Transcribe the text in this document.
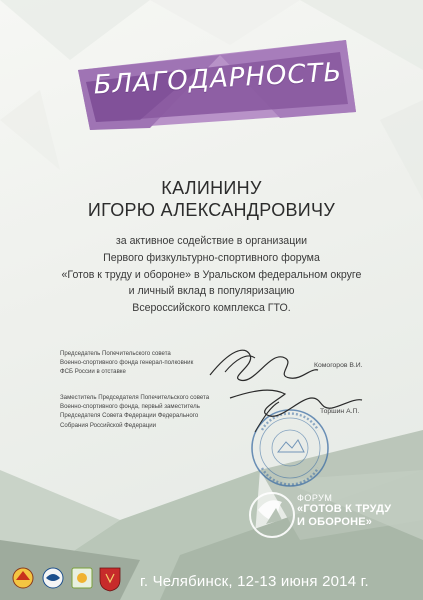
БЛАГОДАРНОСТЬ
КАЛИНИНУ
ИГОРЮ АЛЕКСАНДРОВИЧУ
за активное содействие в организации
Первого физкультурно-спортивного форума
«Готов к труду и обороне» в Уральском федеральном округе
и личный вклад в популяризацию
Всероссийского комплекса ГТО.
Председатель Попечительского совета
Военно-спортивного фонда генерал-полковник
ФСБ России в отставке
Комогоров В.И.
Заместитель Председателя Попечительского совета
Военно-спортивного фонда, первый заместитель
Председателя Совета Федерации Федерального
Собрания Российской Федерации
Торшин А.П.
ФОРУМ
«ГОТОВ К ТРУДУ
И ОБОРОНЕ»
г. Челябинск, 12-13 июня 2014 г.
